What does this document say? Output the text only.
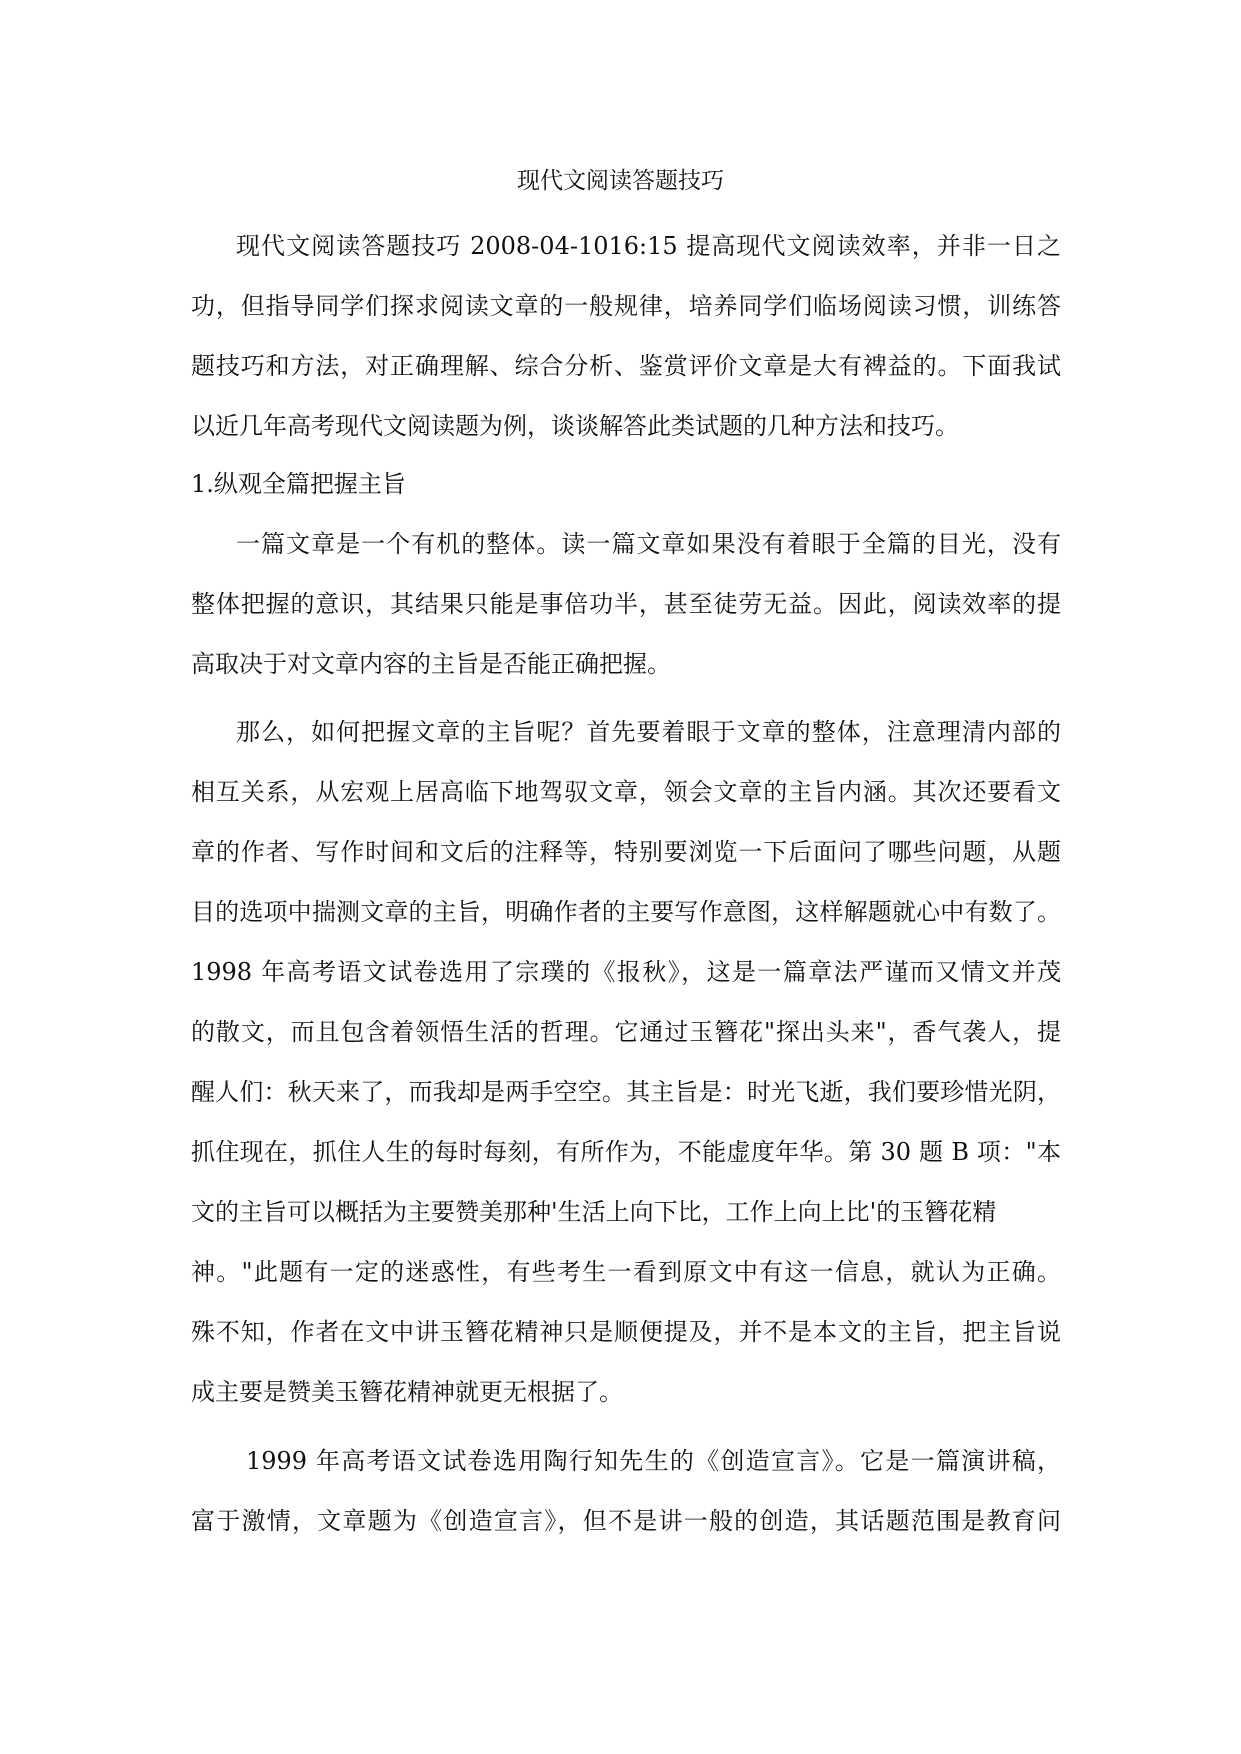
现代文阅读答题技巧
现代文阅读答题技巧 2008-04-1016:15 提高现代文阅读效率，并非一日之
功，但指导同学们探求阅读文章的一般规律，培养同学们临场阅读习惯，训练答
题技巧和方法，对正确理解、综合分析、鉴赏评价文章是大有裨益的。下面我试
以近几年高考现代文阅读题为例，谈谈解答此类试题的几种方法和技巧。
1.纵观全篇把握主旨
一篇文章是一个有机的整体。读一篇文章如果没有着眼于全篇的目光，没有
整体把握的意识，其结果只能是事倍功半，甚至徒劳无益。因此，阅读效率的提
高取决于对文章内容的主旨是否能正确把握。
那么，如何把握文章的主旨呢？首先要着眼于文章的整体，注意理清内部的
相互关系，从宏观上居高临下地驾驭文章，领会文章的主旨内涵。其次还要看文
章的作者、写作时间和文后的注释等，特别要浏览一下后面问了哪些问题，从题
目的选项中揣测文章的主旨，明确作者的主要写作意图，这样解题就心中有数了。
1998 年高考语文试卷选用了宗璞的《报秋》，这是一篇章法严谨而又情文并茂
的散文，而且包含着领悟生活的哲理。它通过玉簪花"探出头来"，香气袭人，提
醒人们：秋天来了，而我却是两手空空。其主旨是：时光飞逝，我们要珍惜光阴，
抓住现在，抓住人生的每时每刻，有所作为，不能虚度年华。第 30 题 B 项："本
文的主旨可以概括为主要赞美那种'生活上向下比，工作上向上比'的玉簪花精
神。"此题有一定的迷惑性，有些考生一看到原文中有这一信息，就认为正确。
殊不知，作者在文中讲玉簪花精神只是顺便提及，并不是本文的主旨，把主旨说
成主要是赞美玉簪花精神就更无根据了。
1999 年高考语文试卷选用陶行知先生的《创造宣言》。它是一篇演讲稿，
富于激情，文章题为《创造宣言》，但不是讲一般的创造，其话题范围是教育问
